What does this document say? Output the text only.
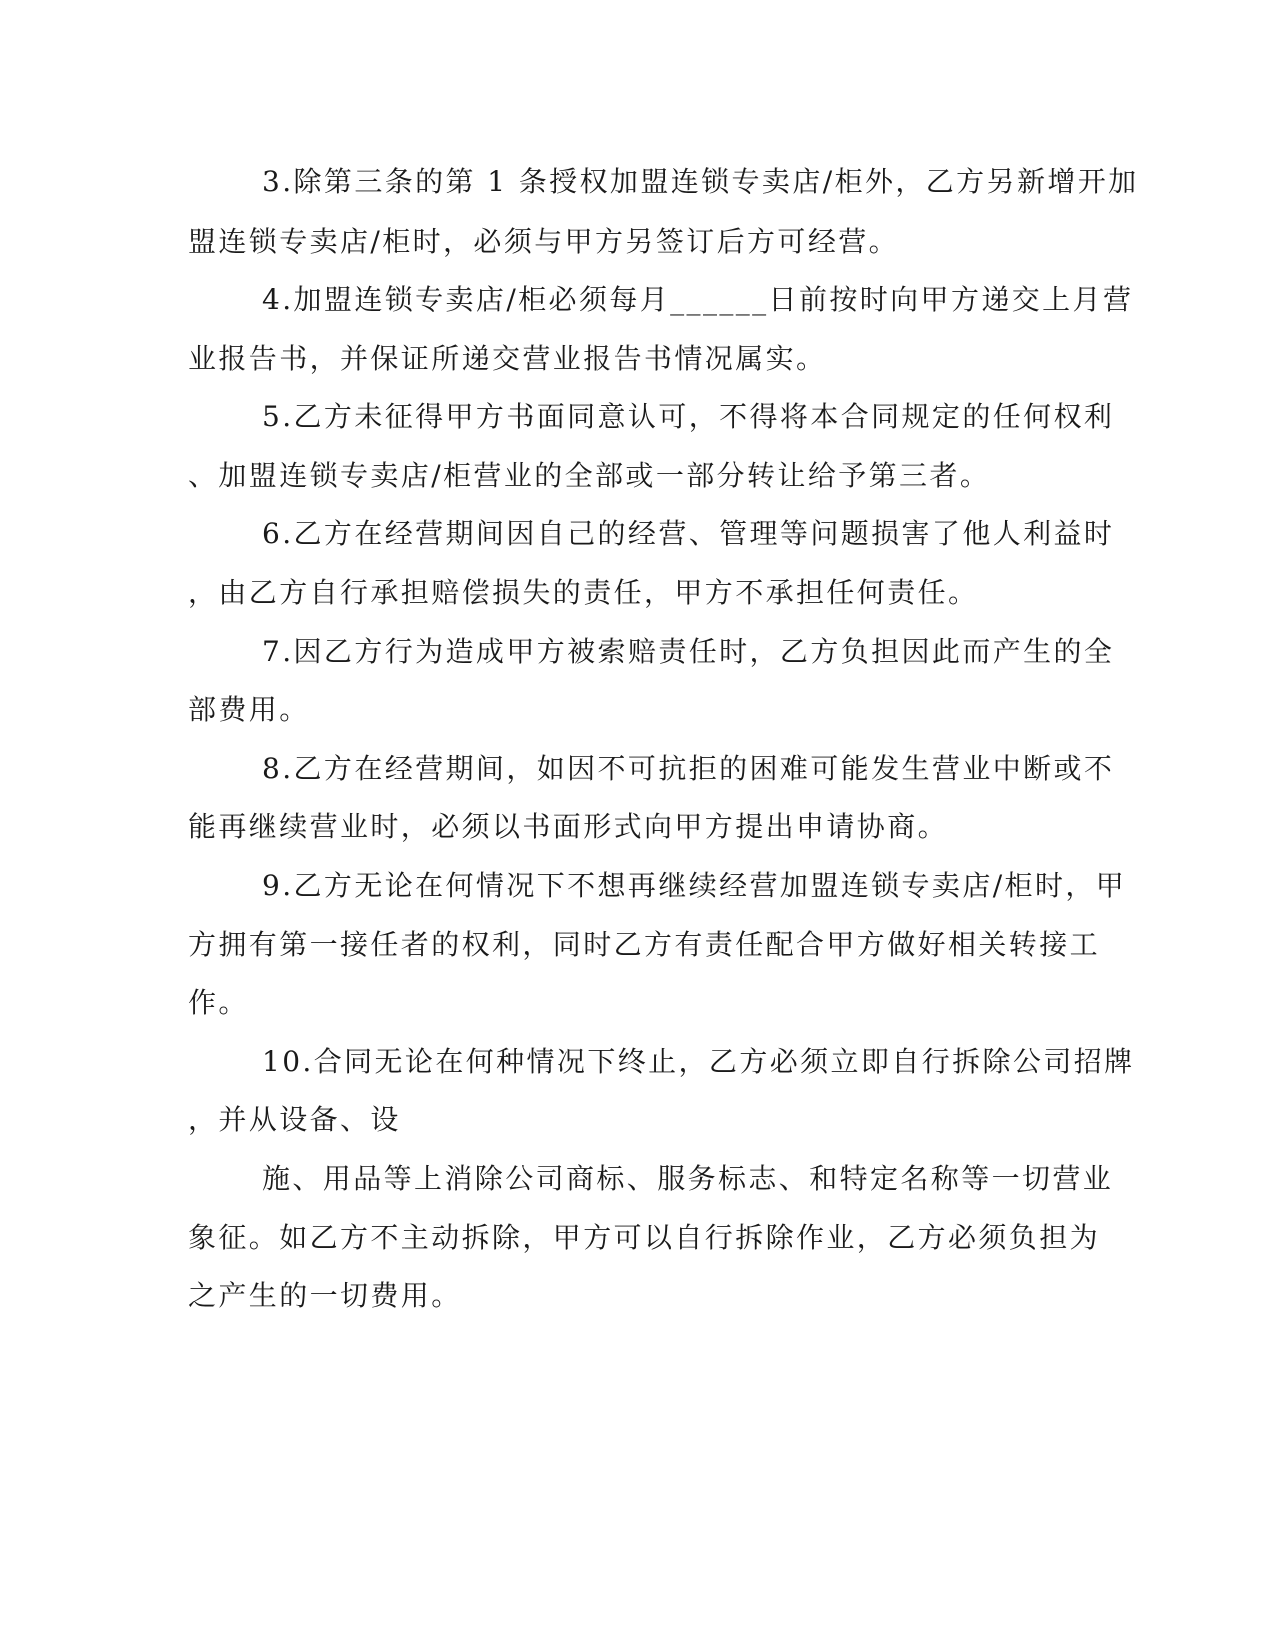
3.除第三条的第 1 条授权加盟连锁专卖店/柜外，乙方另新增开加
盟连锁专卖店/柜时，必须与甲方另签订后方可经营。
4.加盟连锁专卖店/柜必须每月______日前按时向甲方递交上月营
业报告书，并保证所递交营业报告书情况属实。
5.乙方未征得甲方书面同意认可，不得将本合同规定的任何权利
、加盟连锁专卖店/柜营业的全部或一部分转让给予第三者。
6.乙方在经营期间因自己的经营、管理等问题损害了他人利益时
，由乙方自行承担赔偿损失的责任，甲方不承担任何责任。
7.因乙方行为造成甲方被索赔责任时，乙方负担因此而产生的全
部费用。
8.乙方在经营期间，如因不可抗拒的困难可能发生营业中断或不
能再继续营业时，必须以书面形式向甲方提出申请协商。
9.乙方无论在何情况下不想再继续经营加盟连锁专卖店/柜时，甲
方拥有第一接任者的权利，同时乙方有责任配合甲方做好相关转接工
作。
10.合同无论在何种情况下终止，乙方必须立即自行拆除公司招牌
，并从设备、设
施、用品等上消除公司商标、服务标志、和特定名称等一切营业
象征。如乙方不主动拆除，甲方可以自行拆除作业，乙方必须负担为
之产生的一切费用。
